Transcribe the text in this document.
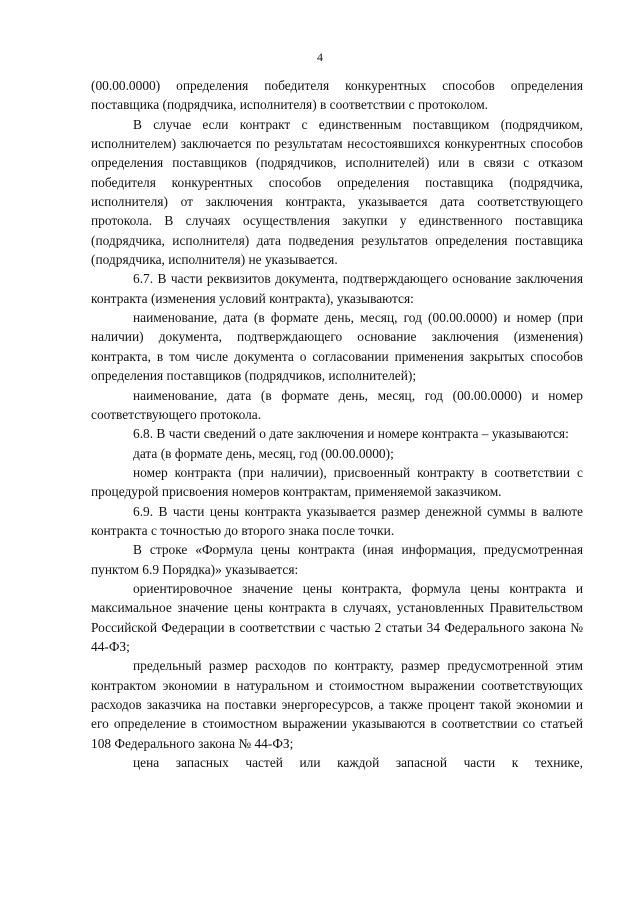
4

(00.00.0000) определения победителя конкурентных способов определения поставщика (подрядчика, исполнителя) в соответствии с протоколом.

В случае если контракт с единственным поставщиком (подрядчиком, исполнителем) заключается по результатам несостоявшихся конкурентных способов определения поставщиков (подрядчиков, исполнителей) или в связи с отказом победителя конкурентных способов определения поставщика (подрядчика, исполнителя) от заключения контракта, указывается дата соответствующего протокола. В случаях осуществления закупки у единственного поставщика (подрядчика, исполнителя) дата подведения результатов определения поставщика (подрядчика, исполнителя) не указывается.

6.7. В части реквизитов документа, подтверждающего основание заключения контракта (изменения условий контракта), указываются:

наименование, дата (в формате день, месяц, год (00.00.0000) и номер (при наличии) документа, подтверждающего основание заключения (изменения) контракта, в том числе документа о согласовании применения закрытых способов определения поставщиков (подрядчиков, исполнителей);

наименование, дата (в формате день, месяц, год (00.00.0000) и номер соответствующего протокола.

6.8. В части сведений о дате заключения и номере контракта – указываются:

дата (в формате день, месяц, год (00.00.0000);

номер контракта (при наличии), присвоенный контракту в соответствии с процедурой присвоения номеров контрактам, применяемой заказчиком.

6.9. В части цены контракта указывается размер денежной суммы в валюте контракта с точностью до второго знака после точки.

В строке «Формула цены контракта (иная информация, предусмотренная пунктом 6.9 Порядка)» указывается:

ориентировочное значение цены контракта, формула цены контракта и максимальное значение цены контракта в случаях, установленных Правительством Российской Федерации в соответствии с частью 2 статьи 34 Федерального закона № 44-ФЗ;

предельный размер расходов по контракту, размер предусмотренной этим контрактом экономии в натуральном и стоимостном выражении соответствующих расходов заказчика на поставки энергоресурсов, а также процент такой экономии и его определение в стоимостном выражении указываются в соответствии со статьей 108 Федерального закона № 44-ФЗ;

цена запасных частей или каждой запасной части к технике,
